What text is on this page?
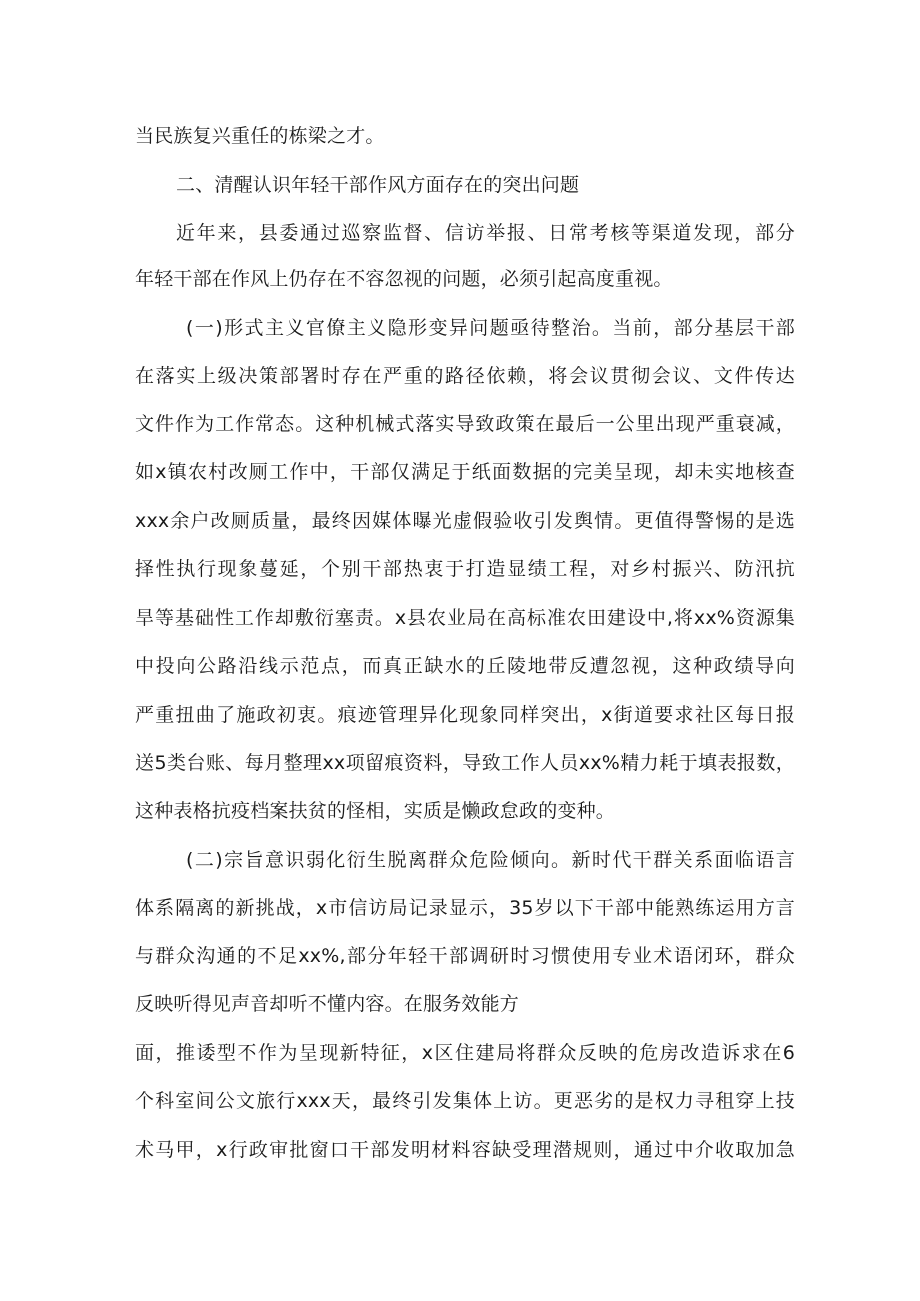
当民族复兴重任的栋梁之才。
二、清醒认识年轻干部作风方面存在的突出问题
近年来，县委通过巡察监督、信访举报、日常考核等渠道发现，部分
年轻干部在作风上仍存在不容忽视的问题，必须引起高度重视。
(一)形式主义官僚主义隐形变异问题亟待整治。当前，部分基层干部
在落实上级决策部署时存在严重的路径依赖，将会议贯彻会议、文件传达
文件作为工作常态。这种机械式落实导致政策在最后一公里出现严重衰减，
如x镇农村改厕工作中，干部仅满足于纸面数据的完美呈现，却未实地核查
xxx余户改厕质量，最终因媒体曝光虚假验收引发舆情。更值得警惕的是选
择性执行现象蔓延，个别干部热衷于打造显绩工程，对乡村振兴、防汛抗
旱等基础性工作却敷衍塞责。x县农业局在高标准农田建设中,将xx%资源集
中投向公路沿线示范点，而真正缺水的丘陵地带反遭忽视，这种政绩导向
严重扭曲了施政初衷。痕迹管理异化现象同样突出，x街道要求社区每日报
送5类台账、每月整理xx项留痕资料，导致工作人员xx%精力耗于填表报数，
这种表格抗疫档案扶贫的怪相，实质是懒政怠政的变种。
(二)宗旨意识弱化衍生脱离群众危险倾向。新时代干群关系面临语言
体系隔离的新挑战，x市信访局记录显示，35岁以下干部中能熟练运用方言
与群众沟通的不足xx%,部分年轻干部调研时习惯使用专业术语闭环，群众
反映听得见声音却听不懂内容。在服务效能方
面，推诿型不作为呈现新特征，x区住建局将群众反映的危房改造诉求在6
个科室间公文旅行xxx天，最终引发集体上访。更恶劣的是权力寻租穿上技
术马甲，x行政审批窗口干部发明材料容缺受理潜规则，通过中介收取加急
